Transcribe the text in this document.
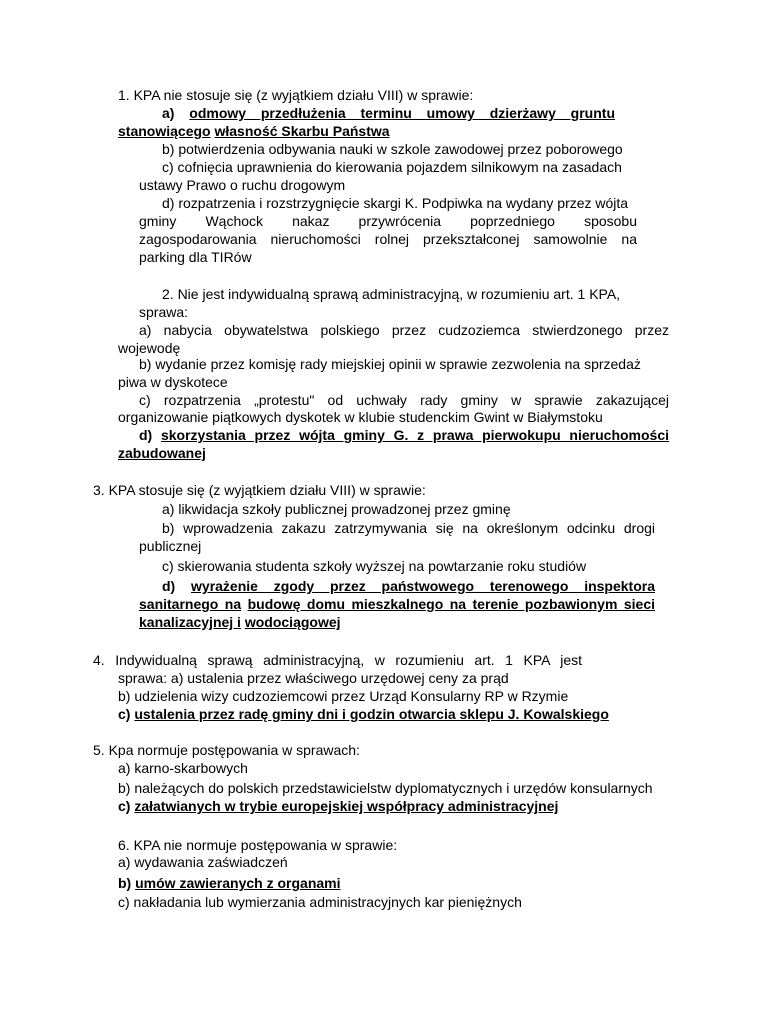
1. KPA nie stosuje się (z wyjątkiem działu VIII) w sprawie:
a) odmowy przedłużenia terminu umowy dzierżawy gruntu
stanowiącego własność Skarbu Państwa
b) potwierdzenia odbywania nauki w szkole zawodowej przez poborowego
c) cofnięcia uprawnienia do kierowania pojazdem silnikowym na zasadach
ustawy Prawo o ruchu drogowym
d) rozpatrzenia i rozstrzygnięcie skargi K. Podpiwka na wydany przez wójta
gminy Wąchock nakaz przywrócenia poprzedniego sposobu
zagospodarowania nieruchomości rolnej przekształconej samowolnie na
parking dla TIRów
2. Nie jest indywidualną sprawą administracyjną, w rozumieniu art. 1 KPA,
sprawa:
a) nabycia obywatelstwa polskiego przez cudzoziemca stwierdzonego przez
wojewodę
b) wydanie przez komisję rady miejskiej opinii w sprawie zezwolenia na sprzedaż
piwa w dyskotece
c) rozpatrzenia „protestu" od uchwały rady gminy w sprawie zakazującej
organizowanie piątkowych dyskotek w klubie studenckim Gwint w Białymstoku
d) skorzystania przez wójta gminy G. z prawa pierwokupu nieruchomości
zabudowanej
3. KPA stosuje się (z wyjątkiem działu VIII) w sprawie:
a) likwidacja szkoły publicznej prowadzonej przez gminę
b) wprowadzenia zakazu zatrzymywania się na określonym odcinku drogi
publicznej
c) skierowania studenta szkoły wyższej na powtarzanie roku studiów
d) wyrażenie zgody przez państwowego terenowego inspektora
sanitarnego na budowę domu mieszkalnego na terenie pozbawionym sieci
kanalizacyjnej i wodociągowej
4. Indywidualną sprawą administracyjną, w rozumieniu art. 1 KPA jest
sprawa: a) ustalenia przez właściwego urzędowej ceny za prąd
b) udzielenia wizy cudzoziemcowi przez Urząd Konsularny RP w Rzymie
c) ustalenia przez radę gminy dni i godzin otwarcia sklepu J. Kowalskiego
5. Kpa normuje postępowania w sprawach:
a) karno-skarbowych
b) należących do polskich przedstawicielstw dyplomatycznych i urzędów konsularnych
c) załatwianych w trybie europejskiej współpracy administracyjnej
6. KPA nie normuje postępowania w sprawie:
a) wydawania zaświadczeń
b) umów zawieranych z organami
c) nakładania lub wymierzania administracyjnych kar pieniężnych
